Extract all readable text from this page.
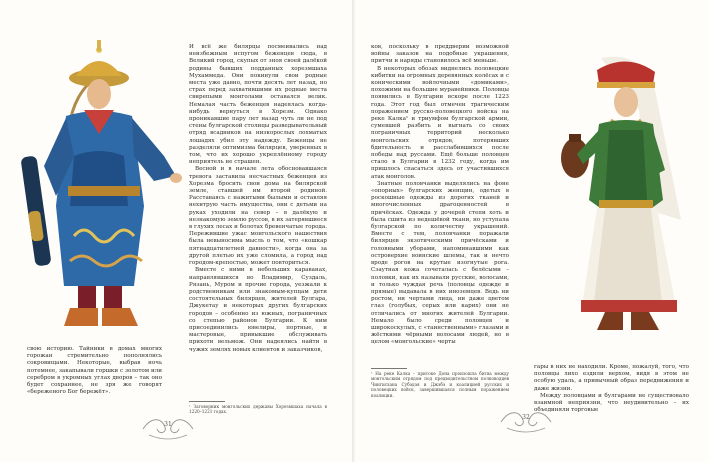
свою историю. Тайники в домах многих горожан стремительно пополнялись сокровищами. Некоторые, выбрав ночь потемнее, закапывали горшки с золотом или серебром в укромных углах дворов – так оно будет сохраннее, не зря же говорят «береженого Бог бережёт».

И всё же билярцы посмеивались над неизбежным испугом беженцев сюда, в Великий город, скупых от зноя своей далёкой родины бывших подданных хорезмшаха Мухаммеда. Они покинули свои родные места уже давно, почти десять лет назад, но страх перед захватившими их родные места свирепыми монголами оставался велик. Немалая часть беженцев надеялась когда-нибудь вернуться в Хорезм. Однако проникавшие пару лет назад чуть ли не под стены булгарской столицы разведывательный отряд всадников на низкорослых лохматых лошадях убил эту надежду. Беженцы не разделяли оптимизма билярцев, уверенных в том, что их хорошо укреплённому городу неприятель не страшен.

Весной и в начале лета обосновавшаяся тревога заставила несчастных беженцев из Хорезма бросить свои дома на билярской земле, ставшей им второй родиной. Расставаясь с нажитыми былыми и оставляя нехитрую часть имущества, они с детьми на руках уходили на север – в далёкую и незнакомую землю руссов, в их затерявшиеся в глухих лесах и болотах бревенчатые города. Пережившие ужас монгольского нашествия была невыносима мысль о том, что «кошкар пятнадцатилетней давности», когда она за другой плетью их уже сломила, а город над городом-крепостью, может повториться.

Вместе с ними в небольших караванах, направлявшихся во Владимир, Суздаль, Рязань, Муром и прочие города, уезжали к родственникам или знакомым-купцам дети состоятельных билярцев, жителей Булгара, Джукетау и некоторых других булгарских городов – особенно из южных, пограничных со степью районов Булгарии. К ним присоединились ювелиры, портные, и мастеровые, привыкшие обслуживать прихоти вельмож. Они надеялись найти в чужих землях новых клиентов и заказчиков,

¹ Заговорник монгольских державы Хорезмшаха начала в 1220–1221 годах.
31

ков, поскольку в преддверии возможной войны заказов на подобные украшения, притчи и наряды становилось всё меньше.

В некоторых обозах виднелись половецкие кибитки на огромных деревянных колёсах и с коническими войлочными «домиками», похожими на большие муравейники. Половцы появились в Булгарии вскоре после 1223 года. Этот год был отмечен трагическим поражением русско-половецкого войска на реке Калка¹ и триумфом булгарской армии, сумевшей разбить и выгнать со своих пограничных территорий несколько монгольских отрядов, потерявших бдительность и расслабившихся после победы над руссами. Ещё больше половцев стало в Булгарии в 1232 году, когда им пришлось спасаться здесь от участившихся атак монголов.

Знатные половчанки выделялись на фоне «опорных» булгарских женщин, одетых в роскошные одежды из дорогих тканей и многочисленных драгоценностей в причёсках. Одежда у дочерей степи хоть и была сшита из недешёвой ткани, но уступала булгарской по количеству украшений. Вместе с тем, половчанки поражали билярцев экзотическими причёсками и головными уборами, напоминавшими как островерхие воинские шлемы, так и нечто вроде рогов на крутые изогнутые рога. Сзаутная кожа сочеталась с белёсыми – половки, как их называли русские, волосами, и только чуждая речь (половцы одежде и прямые) выдавала в них иноземцев. Ведь ни ростом, ни чертами лица, ни даже цветом глаз (голубых, серых или карих) они не отличались от многих жителей Булгарии. Немало было среди половцев и широкоскулых, с «таинственными» глазами и жёсткими чёрными волосами людей, но в целом «монгольские» черты

¹ На реке Калка – притоке Дона произошла битва между монгольским отрядом под предводительством полководцев Чингисхана Субэдэя и Джэбэ и коалицией русских и половецких войск, завершившаяся полным поражением коалиции.

гары в них не находили. Кроме, пожалуй, того, что половцы лихо ездили верхом, видя в этом не особую удаль, а привычный образ передвижения и даже жизни.

Между половцами и булгарами не существовало взаимной неприязни, что неудивительно – их объединяли торговые

32
